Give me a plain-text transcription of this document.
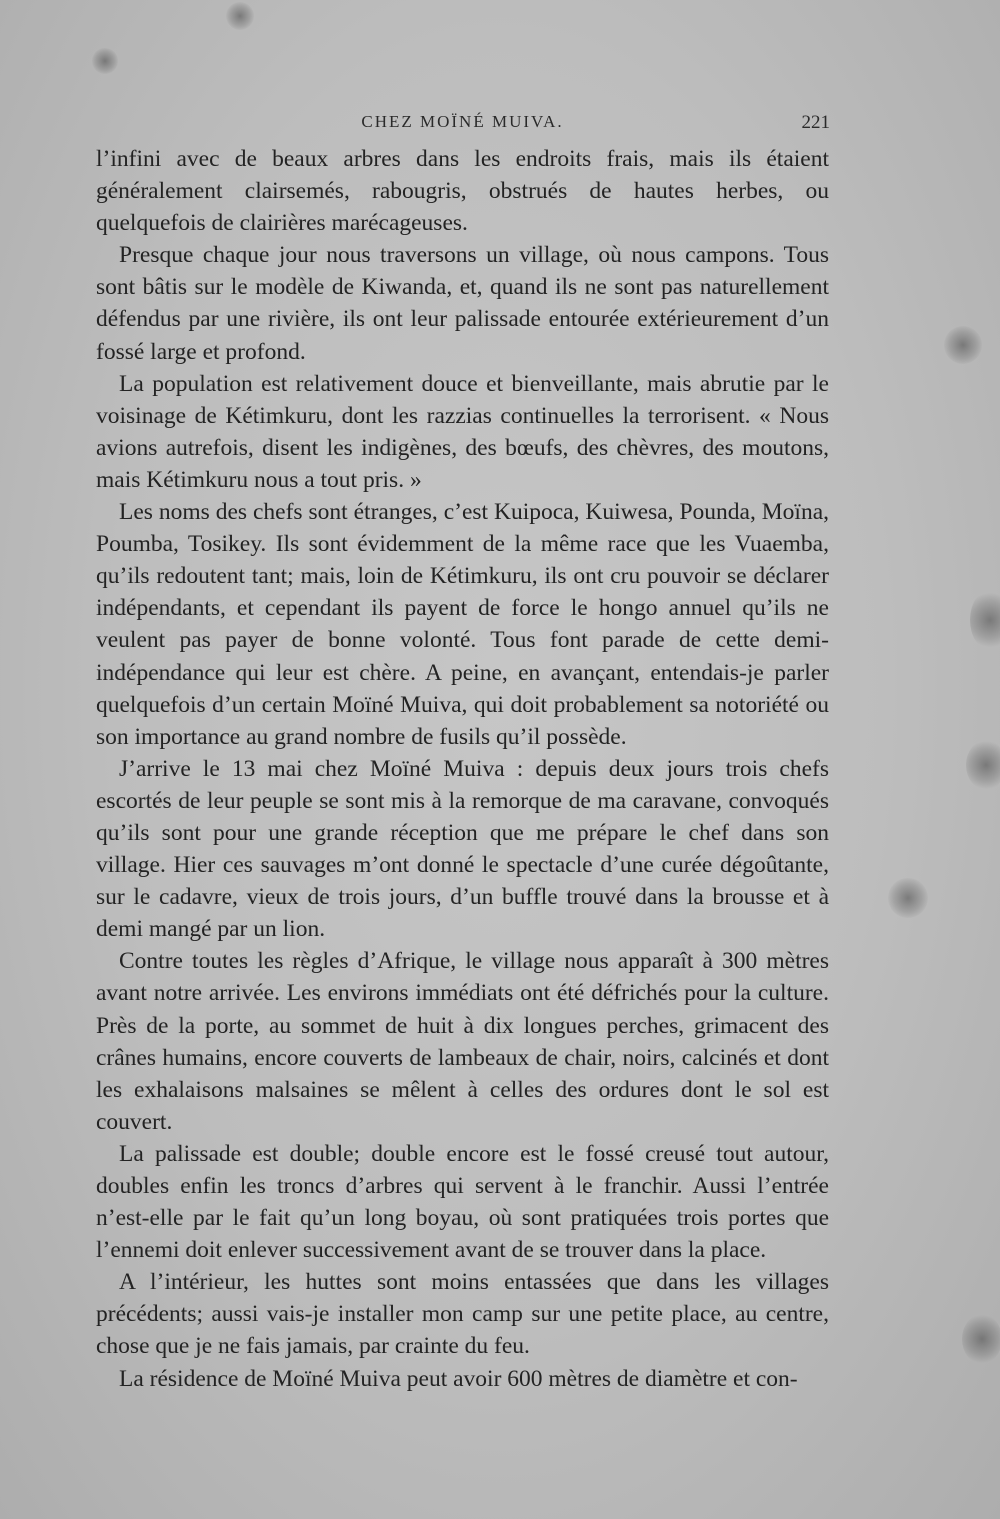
CHEZ MOÏNÉ MUIVA.	221

l’infini avec de beaux arbres dans les endroits frais, mais ils étaient généralement clairsemés, rabougris, obstrués de hautes herbes, ou quelquefois de clairières marécageuses.

Presque chaque jour nous traversons un village, où nous campons. Tous sont bâtis sur le modèle de Kiwanda, et, quand ils ne sont pas naturellement défendus par une rivière, ils ont leur palissade entourée extérieurement d’un fossé large et profond.

La population est relativement douce et bienveillante, mais abrutie par le voisinage de Kétimkuru, dont les razzias continuelles la terrorisent. « Nous avions autrefois, disent les indigènes, des bœufs, des chèvres, des moutons, mais Kétimkuru nous a tout pris. »

Les noms des chefs sont étranges, c’est Kuipoca, Kuiwesa, Pounda, Moïna, Poumba, Tosikey. Ils sont évidemment de la même race que les Vuaemba, qu’ils redoutent tant; mais, loin de Kétimkuru, ils ont cru pouvoir se déclarer indépendants, et cependant ils payent de force le hongo annuel qu’ils ne veulent pas payer de bonne volonté. Tous font parade de cette demi-indépendance qui leur est chère. A peine, en avançant, entendais-je parler quelquefois d’un certain Moïné Muiva, qui doit probablement sa notoriété ou son importance au grand nombre de fusils qu’il possède.

J’arrive le 13 mai chez Moïné Muiva : depuis deux jours trois chefs escortés de leur peuple se sont mis à la remorque de ma caravane, convoqués qu’ils sont pour une grande réception que me prépare le chef dans son village. Hier ces sauvages m’ont donné le spectacle d’une curée dégoûtante, sur le cadavre, vieux de trois jours, d’un buffle trouvé dans la brousse et à demi mangé par un lion.

Contre toutes les règles d’Afrique, le village nous apparaît à 300 mètres avant notre arrivée. Les environs immédiats ont été défrichés pour la culture. Près de la porte, au sommet de huit à dix longues perches, grimacent des crânes humains, encore couverts de lambeaux de chair, noirs, calcinés et dont les exhalaisons malsaines se mêlent à celles des ordures dont le sol est couvert.

La palissade est double; double encore est le fossé creusé tout autour, doubles enfin les troncs d’arbres qui servent à le franchir. Aussi l’entrée n’est-elle par le fait qu’un long boyau, où sont pratiquées trois portes que l’ennemi doit enlever successivement avant de se trouver dans la place.

A l’intérieur, les huttes sont moins entassées que dans les villages précédents; aussi vais-je installer mon camp sur une petite place, au centre, chose que je ne fais jamais, par crainte du feu.

La résidence de Moïné Muiva peut avoir 600 mètres de diamètre et con-
